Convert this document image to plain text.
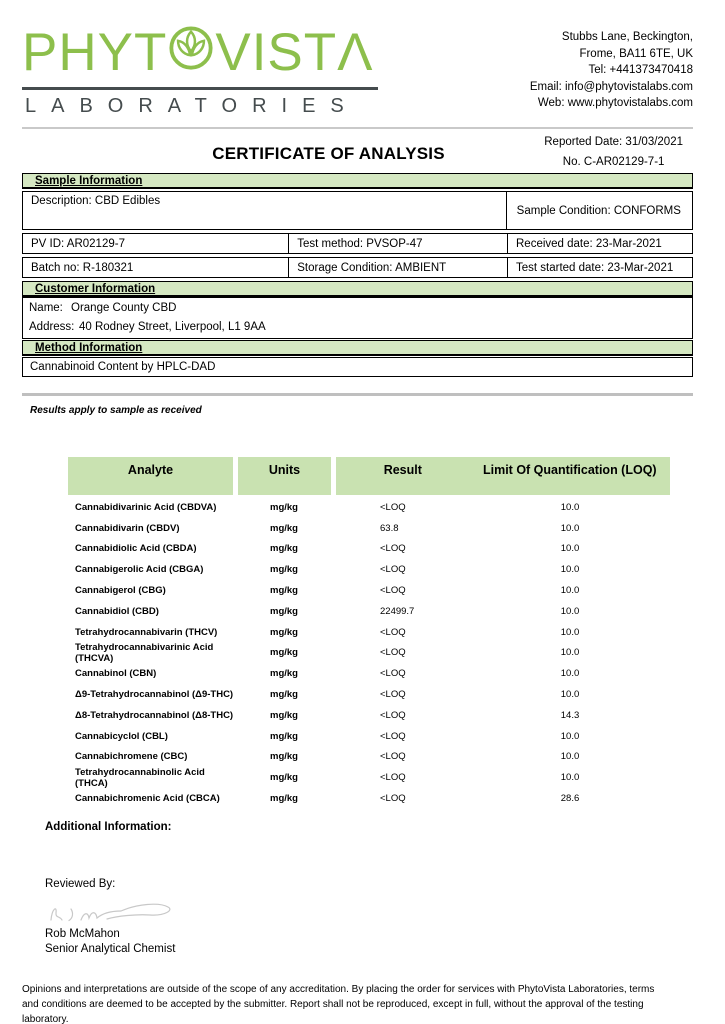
PHYT VISTΛ
LABORATORIES
Stubbs Lane, Beckington,
Frome, BA11 6TE, UK
Tel: +441373470418
Email: info@phytovistalabs.com
Web: www.phytovistalabs.com
Reported Date: 31/03/2021
No. C-AR02129-7-1
CERTIFICATE OF ANALYSIS
Sample Information
Description: CBD Edibles
Sample Condition: CONFORMS
PV ID: AR02129-7	Test method: PVSOP-47	Received date: 23-Mar-2021
Batch no: R-180321	Storage Condition: AMBIENT	Test started date: 23-Mar-2021
Customer Information
Name: Orange County CBD
Address: 40 Rodney Street, Liverpool, L1 9AA
Method Information
Cannabinoid Content by HPLC-DAD
Results apply to sample as received
Analyte	Units	Result	Limit Of Quantification (LOQ)
Cannabidivarinic Acid (CBDVA)	mg/kg	<LOQ	10.0
Cannabidivarin (CBDV)	mg/kg	63.8	10.0
Cannabidiolic Acid (CBDA)	mg/kg	<LOQ	10.0
Cannabigerolic Acid (CBGA)	mg/kg	<LOQ	10.0
Cannabigerol (CBG)	mg/kg	<LOQ	10.0
Cannabidiol (CBD)	mg/kg	22499.7	10.0
Tetrahydrocannabivarin (THCV)	mg/kg	<LOQ	10.0
Tetrahydrocannabivarinic Acid (THCVA)
mg/kg	<LOQ	10.0
Cannabinol (CBN)	mg/kg	<LOQ	10.0
Δ9-Tetrahydrocannabinol (Δ9-THC)	mg/kg	<LOQ	10.0
Δ8-Tetrahydrocannabinol (Δ8-THC)	mg/kg	<LOQ	14.3
Cannabicyclol (CBL)	mg/kg	<LOQ	10.0
Cannabichromene (CBC)	mg/kg	<LOQ	10.0
Tetrahydrocannabinolic Acid (THCA)
mg/kg	<LOQ	10.0
Cannabichromenic Acid (CBCA)	mg/kg	<LOQ	28.6
Additional Information:
Reviewed By:
Rob McMahon
Senior Analytical Chemist
Opinions and interpretations are outside of the scope of any accreditation. By placing the order for services with PhytoVista Laboratories, terms and conditions are deemed to be accepted by the submitter. Report shall not be reproduced, except in full, without the approval of the testing laboratory.
